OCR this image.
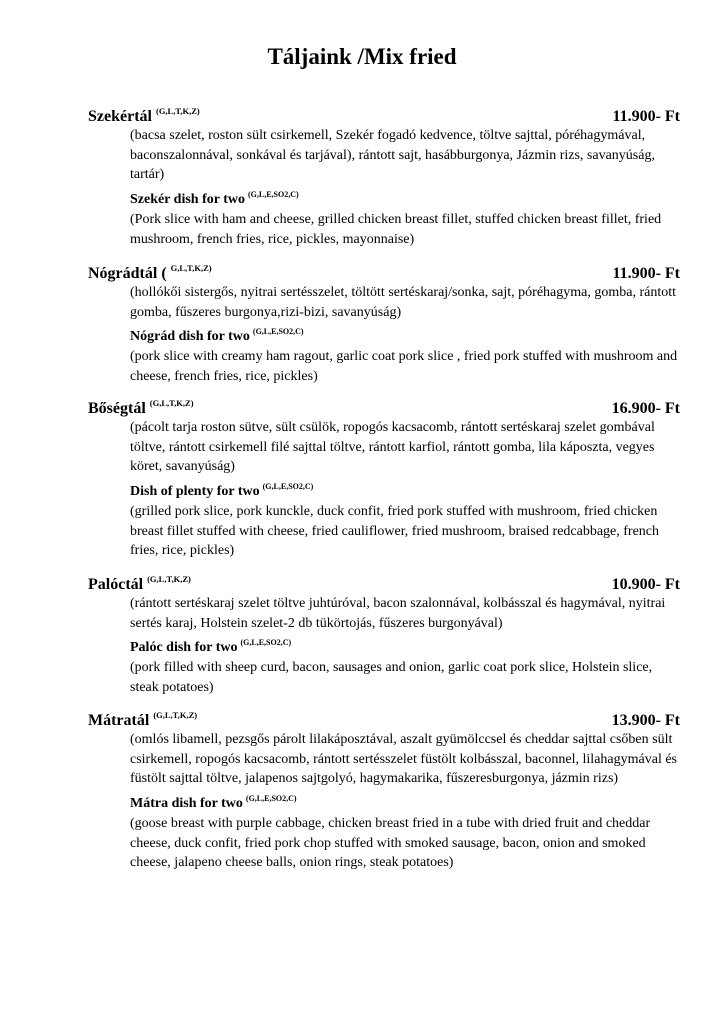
Táljaink /Mix fried
Szekértál $^{(G,L,T,K,Z)}$	11.900- Ft
(bacsa szelet, roston sült csirkemell, Szekér fogadó kedvence, töltve sajttal, póréhagymával, baconszalonnával, sonkával és tarjával), rántott sajt, hasábburgonya, Jázmin rizs, savanyúság, tartár)
Szekér dish for two $^{(G,L,E,SO2,C)}$
(Pork slice with ham and cheese, grilled chicken breast fillet, stuffed chicken breast fillet, fried mushroom, french fries, rice, pickles, mayonnaise)
Nógrádtál ( $^{G,L,T,K,Z)}$	11.900- Ft
(hollókői sistergős, nyitrai sertésszelet, töltött sertéskaraj/sonka, sajt, póréhagyma, gomba, rántott gomba, fűszeres burgonya,rizi-bizi, savanyúság)
Nógrád dish for two $^{(G,L,E,SO2,C)}$
(pork slice with creamy ham ragout, garlic coat pork slice , fried pork stuffed with mushroom and cheese, french fries, rice, pickles)
Bőségtál $^{(G,L,T,K,Z)}$	16.900- Ft
(pácolt tarja roston sütve, sült csülök, ropogós kacsacomb, rántott sertéskaraj szelet gombával töltve, rántott csirkemell filé sajttal töltve, rántott karfiol, rántott gomba, lila káposzta, vegyes köret, savanyúság)
Dish of plenty for two $^{(G,L,E,SO2,C)}$
(grilled pork slice, pork kunckle, duck confit, fried pork stuffed with mushroom, fried chicken breast fillet stuffed with cheese, fried cauliflower, fried mushroom, braised redcabbage, french fries, rice, pickles)
Palóctál $^{(G,L,T,K,Z)}$	10.900- Ft
(rántott sertéskaraj szelet töltve juhtúróval, bacon szalonnával, kolbásszal és hagymával, nyitrai sertés karaj, Holstein szelet-2 db tükörtojás, fűszeres burgonyával)
Palóc dish for two $^{(G,L,E,SO2,C)}$
(pork filled with sheep curd, bacon, sausages and onion, garlic coat pork slice, Holstein slice, steak potatoes)
Mátratál $^{(G,L,T,K,Z)}$	13.900- Ft
(omlós libamell, pezsgős párolt lilakáposztával, aszalt gyümölccsel és cheddar sajttal csőben sült csirkemell, ropogós kacsacomb, rántott sertésszelet füstölt kolbásszal, baconnel, lilahagymával és füstölt sajttal töltve, jalapenos sajtgolyó, hagymakarika, fűszeresburgonya, jázmin rizs)
Mátra dish for two $^{(G,L,E,SO2,C)}$
(goose breast with purple cabbage, chicken breast fried in a tube with dried fruit and cheddar cheese, duck confit, fried pork chop stuffed with smoked sausage, bacon, onion and smoked cheese, jalapeno cheese balls, onion rings, steak potatoes)
